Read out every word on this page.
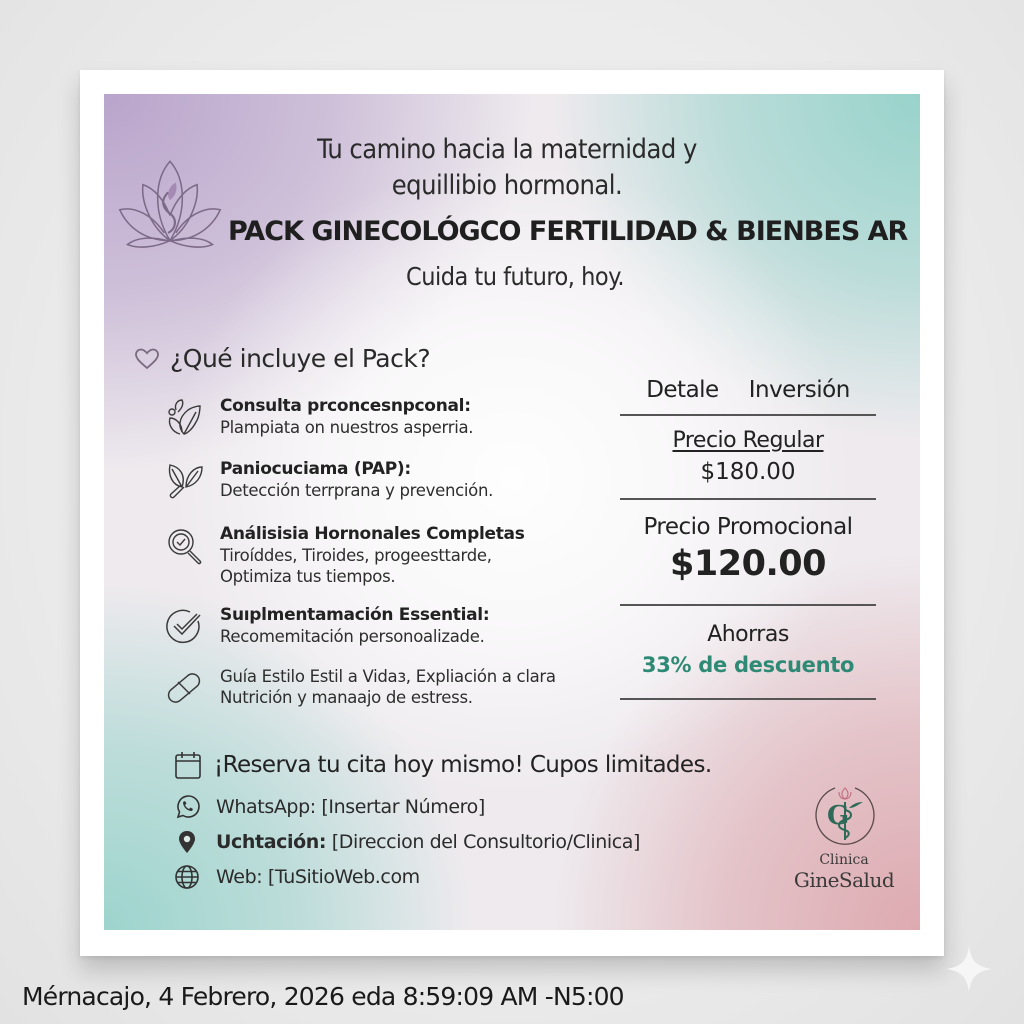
Tu camino hacia la maternidad y
equillibio hormonal.
PACK GINECOLÓGCO FERTILIDAD & BIENBES AR
Cuida tu futuro, hoy.
¿Qué incluye el Pack?
Consulta prconcesnpconal:
Plampiata on nuestros asperria.
Paniocuciama (PAP):
Detección terrprana y prevención.
Análisisia Hornonales Completas
Tiroíddes, Tiroides, progeesttarde,
Optimiza tus tiempos.
Suıplmentamación Essential:
Recomemitación personoalizade.
Guía Estilo Estil a Vidaз, Expliación a clara
Nutrición y manaajo de estress.
Detale Inversión
Precio Regular
$180.00
Precio Promocional
$120.00
Ahorras
33% de descuento
¡Reserva tu cita hoy mismo! Cupos limitades.
WhatsApp: [Insertar Número]
Uchtación: [Direccion del Consultorio/Clinica]
Web: [TuSitioWeb.com
G
Clinica
GineSalud
Mérnacajo, 4 Febrero, 2026 eda 8:59:09 AM -N5:00
